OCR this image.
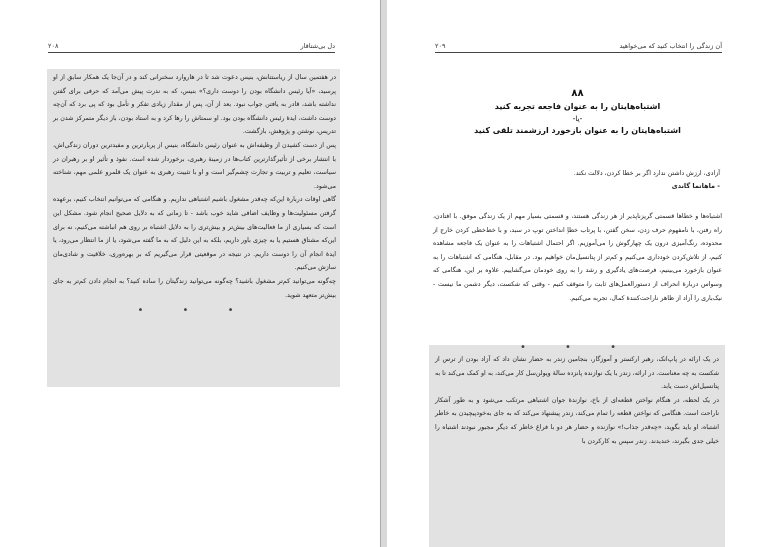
دل بی‌شتاقار
۲۰۸

در هفتمین سال از ریاستتانش، بنیس دعوت شد تا در هاروارد سخنرانی کند و در آن‌جا یک همکار سابق از او پرسید، «آیا رئیس دانشگاه بودن را دوست داری؟» بنیس، که به ندرت پیش می‌آمد که حرفی برای گفتن نداشته باشد، قادر به یافتن جواب نبود. بعد از آن، پس از مقدار زیادی تفکر و تأمل بود که پی برد که آن‌چه دوست داشت، ایدهٔ رئیس دانشگاه بودن بود. او سمتاش را رها کرد و به استاد بودن، باز دیگر متمرکز شدن بر تدریس، نوشتن و پژوهش، بازگشت.

پس از دست کشیدن از وظیفه‌اش به عنوان رئیس دانشگاه، بنیس از پربارترین و مفیدترین دوران زندگی‌اش، با انتشار برخی از تأثیرگذارترین کتاب‌ها در زمینهٔ رهبری، برخوردار شده است. نفوذ و تأثیر او بر رهبران در سیاست، تعلیم و تربیت و تجارت چشم‌گیر است و او با تثبیت رهبری به عنوان یک قلمرو علمی مهم، شناخته می‌شود.

گاهی اوقات دربارهٔ این‌که چه‌قدر مشغول باشیم اشتباهی نداریم. و هنگامی که می‌توانیم انتخاب کنیم، برعهده گرفتن مسئولیت‌ها و وظایف اضافی شاید خوب باشد - تا زمانی که به دلایل صحیح انجام شود. مشکل این است که بسیاری از ما فعالیت‌های بیش‌تر و بیش‌تری را به دلایل اشتباه بر روی هم انباشته می‌کنیم، نه برای این‌که مشتاق هستیم یا به چیزی باور داریم، بلکه به این دلیل که به ما گفته می‌شود، یا از ما انتظار می‌رود، یا ایدهٔ انجام آن را دوست داریم. در نتیجه در موقعیتی قرار می‌گیریم که بر بهره‌وری، خلاقیت و شادی‌مان سازش می‌کنیم.

چه‌گونه می‌توانید کم‌تر مشغول باشید؟ چه‌گونه می‌توانید زندگیتان را ساده کنید؟ به انجام دادن کم‌تر به جای بیش‌تر متعهد شوید.

• • •
آن زندگی را انتخاب کنید که می‌خواهید
۲۰۹

۸۸

اشتباه‌هایتان را به عنوان فاجعه تجربه کنید

-یا-

اشتباه‌هایتان را به عنوان بازخورد ارزشمند تلقی کنید

آزادی، ارزش داشتن ندارد اگر بر خطا کردن، دلالت نکند.

- ماهاتما گاندی

اشتباه‌ها و خطاها قسمتی گریزناپذیر از هر زندگی هستند، و قسمتی بسیار مهم از یک زندگی موفق. با افتادن، راه رفتن، با نامفهوم حرف زدن، سخن گفتن، با پرتاب خطاِ انداختن توپ در سبد، و با خط‌خطی کردن خارج از محدوده، رنگ‌آمیزی درون یک چهارگوش را می‌آموزیم. اگر احتمال اشتباهات را به عنوان یک فاجعه مشاهده کنیم، از تلاش‌کردن خودداری می‌کنیم و کم‌تر از پتانسیل‌مان خواهیم بود. در مقابل، هنگامی که اشتباهات را به عنوان بازخورد می‌بینیم، فرصت‌های یادگیری و رشد را به روی خودمان می‌گشاییم. علاوه بر این، هنگامی که وسواس دربارهٔ انحراف از دستورالعمل‌های ثابت را متوقف کنیم - وقتی که شکست، دیگر دشمن ما نیست - نیک‌باری را آزاد از ظاهر ناراحت‌کنندهٔ کمال، تجربه می‌کنیم.

• • •

در یک ارائه در پاپ‌انک، رهبر ارکستر و آموزگار، بنجامین زندر به حضار نشان داد که آزاد بودن از ترس از شکست به چه معناست. در ارائه، زندر با یک نوازنده پانزده سالهٔ ویولن‌سل کار می‌کند، به او کمک می‌کند تا به پتانسیل‌اش دست یابد.

در یک لحظه، در هنگام نواختن قطعه‌ای از باخ، نوازندهٔ جوان اشتباهی مرتکب می‌شود و به طور آشکار ناراحت است. هنگامی که نواختن قطعه را تمام می‌کند، زندر پیشنهاد می‌کند که به جای به‌خودپیچیدن به خاطر اشتباه، او باید بگوید، «چه‌قدر جذاب!» نوازنده و حضار هر دو با فراغ خاطر که دیگر مجبور نبودند اشتباه را خیلی جدی بگیرند، خندیدند. زندر سپس به کارکردن با
